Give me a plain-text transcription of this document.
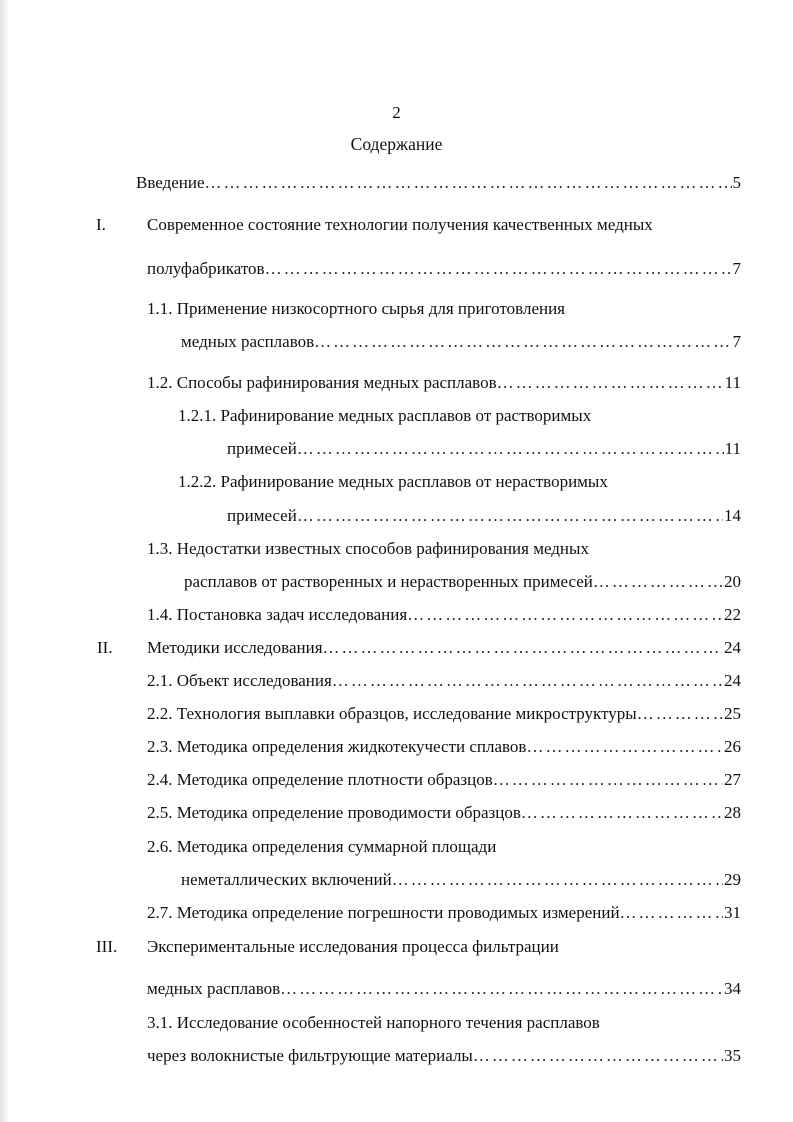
2
Содержание
Введение …………………………………………………………………………………………………………………………	5
I. Современное состояние технологии получения качественных медных
полуфабрикатов …………………………………………………………………………………………………………………………	7
1.1. Применение низкосортного сырья для приготовления
медных расплавов …………………………………………………………………………………………………………………………	7
1.2. Способы рафинирования медных расплавов …………………………………………………………………………………………………………………………	11
1.2.1. Рафинирование медных расплавов от растворимых
примесей …………………………………………………………………………………………………………………………	11
1.2.2. Рафинирование медных расплавов от нерастворимых
примесей …………………………………………………………………………………………………………………………	14
1.3. Недостатки известных способов рафинирования медных
расплавов от растворенных и нерастворенных примесей …………………………………………………………………………………………………………………………	20
1.4. Постановка задач исследования …………………………………………………………………………………………………………………………	22
II. Методики исследования …………………………………………………………………………………………………………………………	24
2.1. Объект исследования …………………………………………………………………………………………………………………………	24
2.2. Технология выплавки образцов, исследование микроструктуры …………………………………………………………………………………………………………………………	25
2.3. Методика определения жидкотекучести сплавов …………………………………………………………………………………………………………………………	26
2.4. Методика определение плотности образцов …………………………………………………………………………………………………………………………	27
2.5. Методика определение проводимости образцов …………………………………………………………………………………………………………………………	28
2.6. Методика определения суммарной площади
неметаллических включений …………………………………………………………………………………………………………………………	29
2.7. Методика определение погрешности проводимых измерений …………………………………………………………………………………………………………………………	31
III. Экспериментальные исследования процесса фильтрации
медных расплавов …………………………………………………………………………………………………………………………	34
3.1. Исследование особенностей напорного течения расплавов
через волокнистые фильтрующие материалы …………………………………………………………………………………………………………………………	35
